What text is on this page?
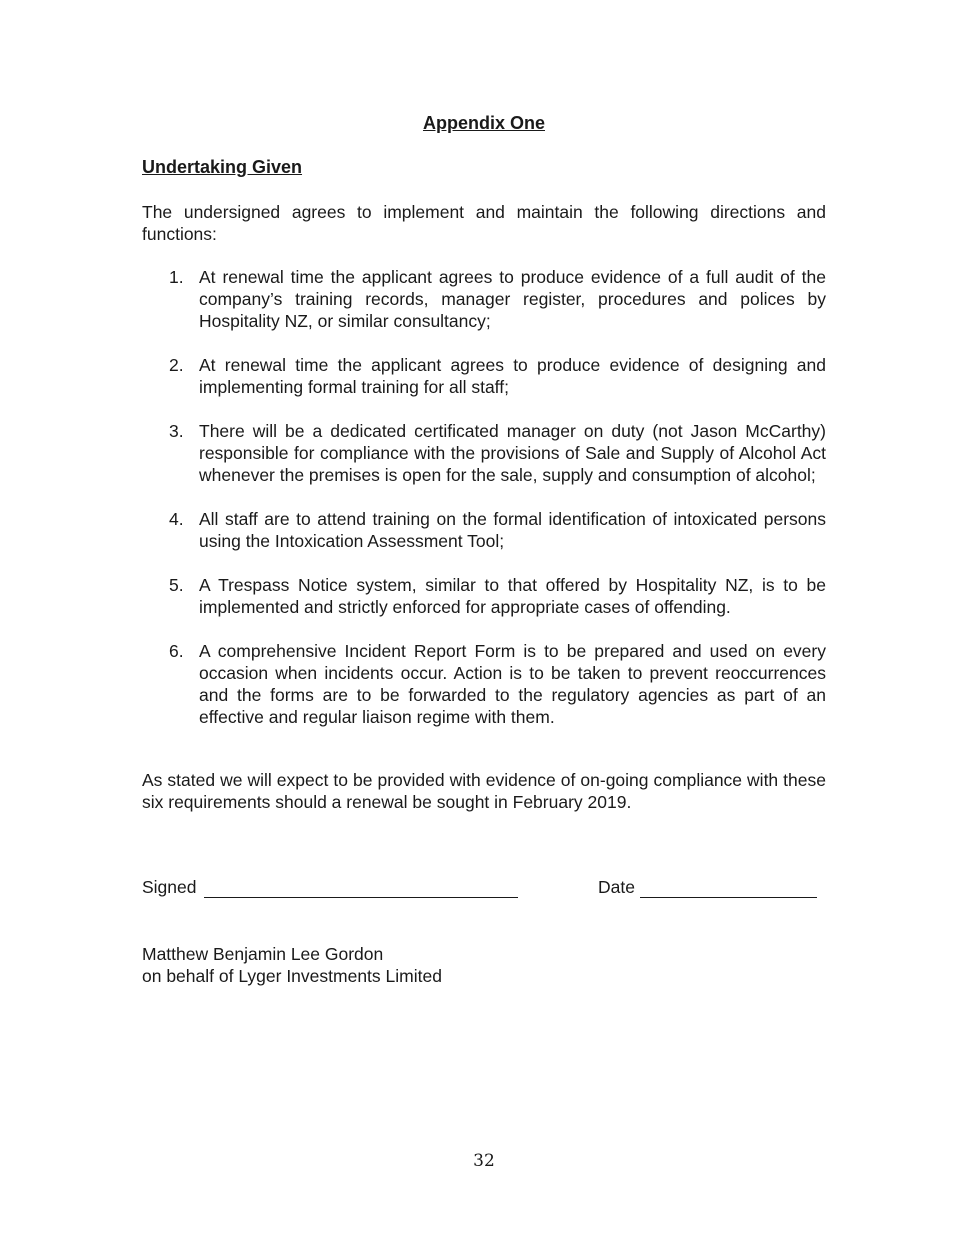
Appendix One
Undertaking Given

The undersigned agrees to implement and maintain the following directions and functions:

1. At renewal time the applicant agrees to produce evidence of a full audit of the company’s training records, manager register, procedures and polices by Hospitality NZ, or similar consultancy;
2. At renewal time the applicant agrees to produce evidence of designing and implementing formal training for all staff;
3. There will be a dedicated certificated manager on duty (not Jason McCarthy) responsible for compliance with the provisions of Sale and Supply of Alcohol Act whenever the premises is open for the sale, supply and consumption of alcohol;
4. All staff are to attend training on the formal identification of intoxicated persons using the Intoxication Assessment Tool;
5. A Trespass Notice system, similar to that offered by Hospitality NZ, is to be implemented and strictly enforced for appropriate cases of offending.
6. A comprehensive Incident Report Form is to be prepared and used on every occasion when incidents occur. Action is to be taken to prevent reoccurrences and the forms are to be forwarded to the regulatory agencies as part of an effective and regular liaison regime with them.

As stated we will expect to be provided with evidence of on-going compliance with these six requirements should a renewal be sought in February 2019.

Signed	Date
Matthew Benjamin Lee Gordon
on behalf of Lyger Investments Limited

32
